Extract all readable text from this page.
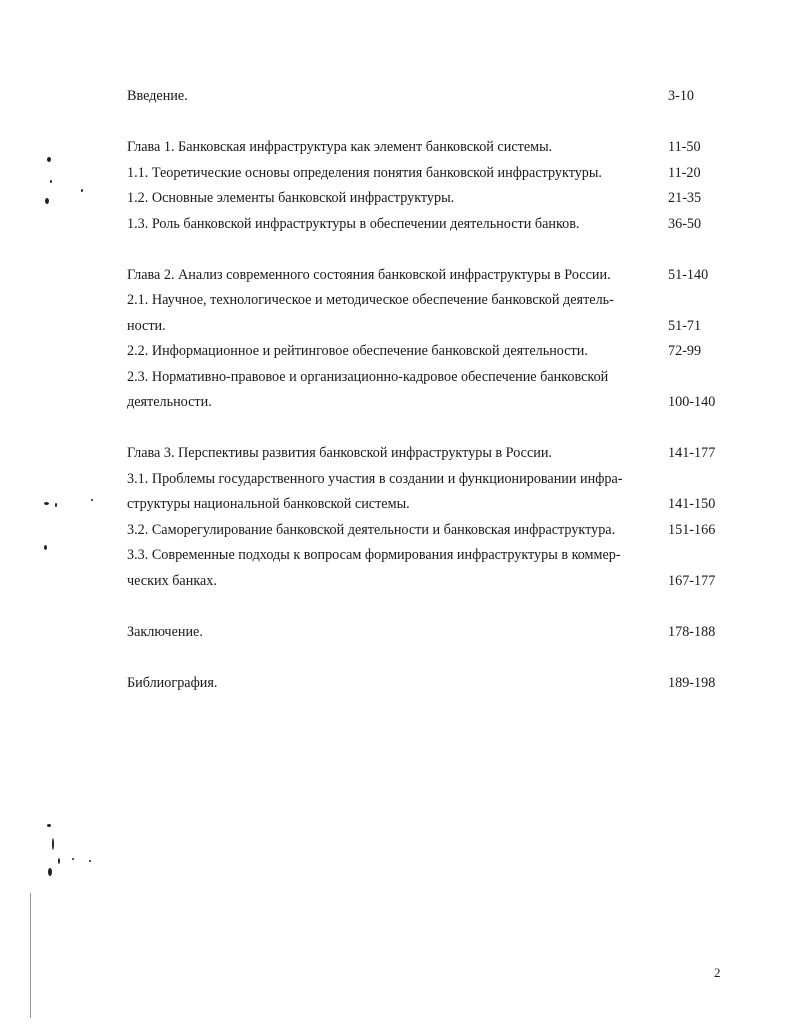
Введение.	3-10
Глава 1. Банковская инфраструктура как элемент банковской системы.	11-50
1.1. Теоретические основы определения понятия банковской инфраструктуры.	11-20
1.2. Основные элементы банковской инфраструктуры.	21-35
1.3. Роль банковской инфраструктуры в обеспечении деятельности банков.	36-50
Глава 2. Анализ современного состояния банковской инфраструктуры в России.	51-140
2.1. Научное, технологическое и методическое обеспечение банковской деятель-
ности.	51-71
2.2. Информационное и рейтинговое обеспечение банковской деятельности.	72-99
2.3. Нормативно-правовое и организационно-кадровое обеспечение банковской
деятельности.	100-140
Глава 3. Перспективы развития банковской инфраструктуры в России.	141-177
3.1. Проблемы государственного участия в создании и функционировании инфра-
структуры национальной банковской системы.	141-150
3.2. Саморегулирование банковской деятельности и банковская инфраструктура.	151-166
3.3. Современные подходы к вопросам формирования инфраструктуры в коммер-
ческих банках.	167-177
Заключение.	178-188
Библиография.	189-198
2
